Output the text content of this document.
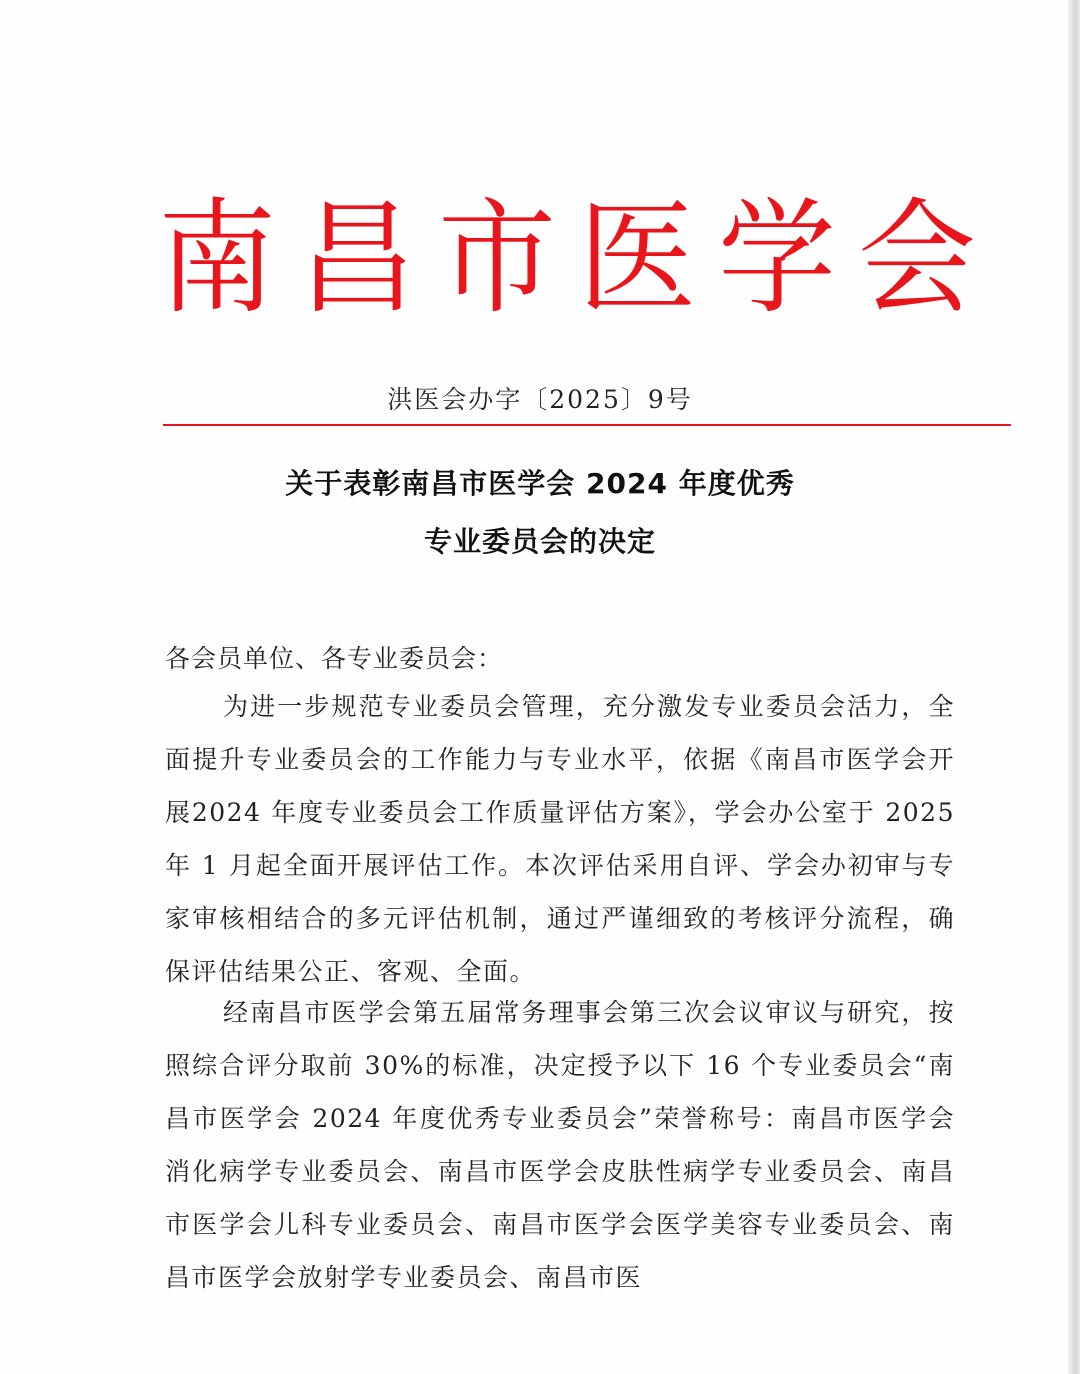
南昌市医学会
洪医会办字〔2025〕9号
关于表彰南昌市医学会 2024 年度优秀
专业委员会的决定
各会员单位、各专业委员会：
为进一步规范专业委员会管理，充分激发专业委员会活力，全面提升专业委员会的工作能力与专业水平，依据《南昌市医学会开展2024 年度专业委员会工作质量评估方案》，学会办公室于 2025 年 1 月起全面开展评估工作。本次评估采用自评、学会办初审与专家审核相结合的多元评估机制，通过严谨细致的考核评分流程，确保评估结果公正、客观、全面。
经南昌市医学会第五届常务理事会第三次会议审议与研究，按照综合评分取前 30%的标准，决定授予以下 16 个专业委员会“南昌市医学会 2024 年度优秀专业委员会”荣誉称号：南昌市医学会消化病学专业委员会、南昌市医学会皮肤性病学专业委员会、南昌市医学会儿科专业委员会、南昌市医学会医学美容专业委员会、南昌市医学会放射学专业委员会、南昌市医
